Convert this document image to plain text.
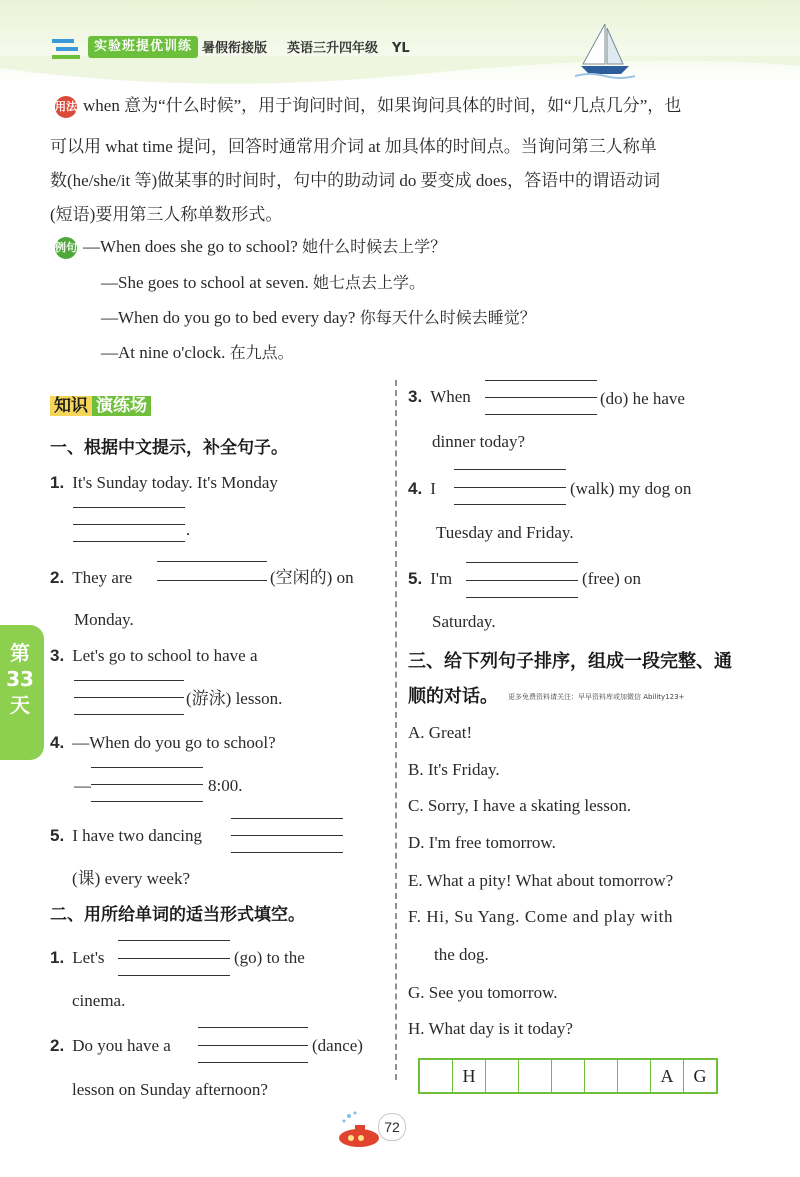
实验班提优训练 暑假衔接版 英语三升四年级 YL
第33天
用法 when 意为“什么时候”，用于询问时间，如果询问具体的时间，如“几点几分”，也
可以用 what time 提问，回答时通常用介词 at 加具体的时间点。当询问第三人称单
数(he/she/it 等)做某事的时间时，句中的助动词 do 要变成 does，答语中的谓语动词
(短语)要用第三人称单数形式。
例句 —When does she go to school? 她什么时候去上学？
—She goes to school at seven. 她七点去上学。
—When do you go to bed every day? 你每天什么时候去睡觉？
—At nine o'clock. 在九点。
知识 演练场
一、根据中文提示，补全句子。
1. It's Sunday today. It's Monday
.
2. They are	(空闲的) on
Monday.
3. Let's go to school to have a
(游泳) lesson.
4. —When do you go to school?
—	8:00.
5. I have two dancing
(课) every week?
二、用所给单词的适当形式填空。
1. Let's	(go) to the
cinema.
2. Do you have a	(dance)
lesson on Sunday afternoon?
3. When	(do) he have
dinner today?
4. I	(walk) my dog on
Tuesday and Friday.
5. I'm	(free) on
Saturday.
三、给下列句子排序，组成一段完整、通
顺的对话。 更多免费资料请关注：早早资料库或加微信 Ability123+
A. Great!
B. It's Friday.
C. Sorry, I have a skating lesson.
D. I'm free tomorrow.
E. What a pity! What about tomorrow?
F. Hi, Su Yang. Come and play with
the dog.
G. See you tomorrow.
H. What day is it today?
H	A	G
72
